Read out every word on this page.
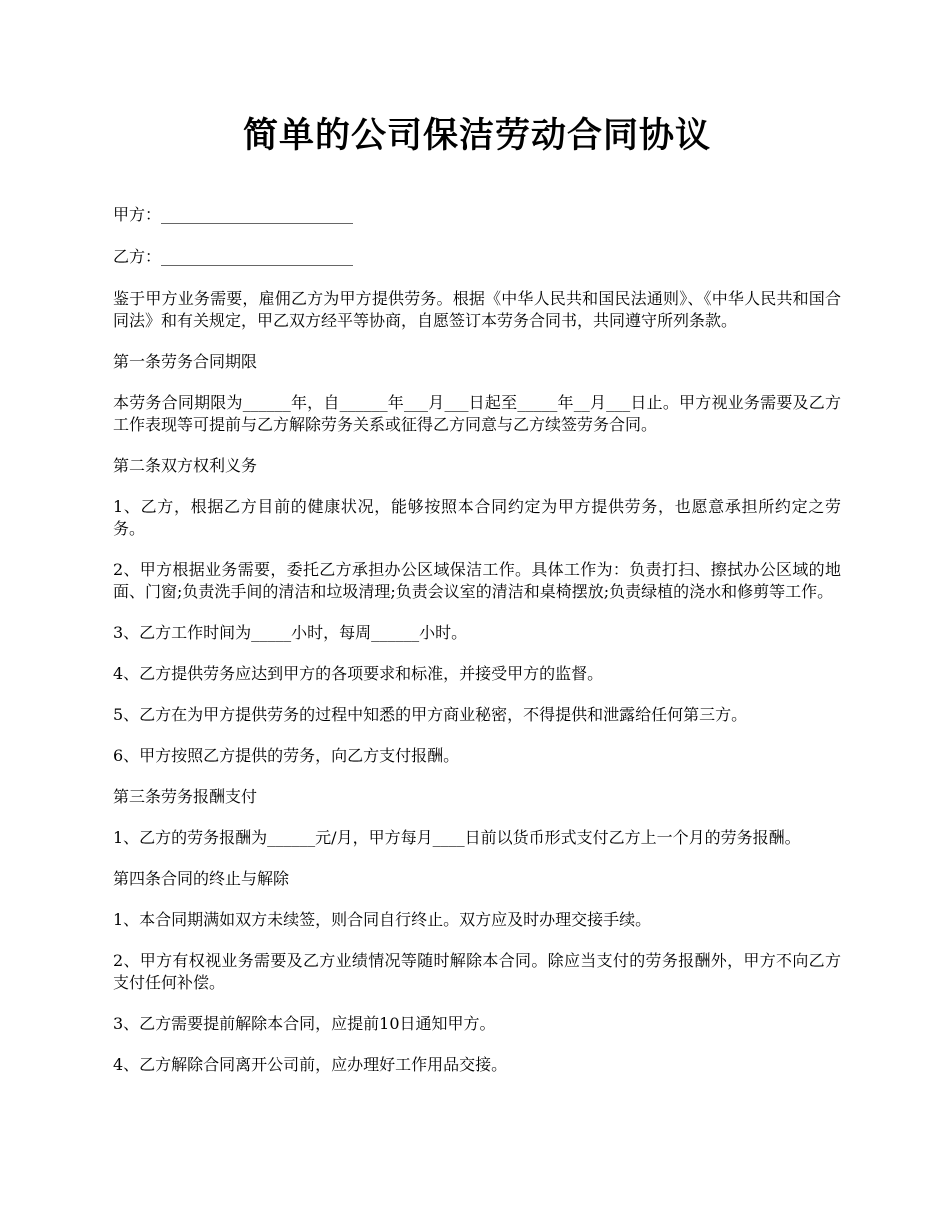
简单的公司保洁劳动合同协议

甲方：________________________

乙方：________________________

鉴于甲方业务需要，雇佣乙方为甲方提供劳务。根据《中华人民共和国民法通则》、《中华人民共和国合同法》和有关规定，甲乙双方经平等协商，自愿签订本劳务合同书，共同遵守所列条款。

第一条劳务合同期限

本劳务合同期限为______年，自______年___月___日起至_____年__月___日止。甲方视业务需要及乙方工作表现等可提前与乙方解除劳务关系或征得乙方同意与乙方续签劳务合同。

第二条双方权利义务

1、乙方，根据乙方目前的健康状况，能够按照本合同约定为甲方提供劳务，也愿意承担所约定之劳务。

2、甲方根据业务需要，委托乙方承担办公区域保洁工作。具体工作为：负责打扫、擦拭办公区域的地面、门窗;负责洗手间的清洁和垃圾清理;负责会议室的清洁和桌椅摆放;负责绿植的浇水和修剪等工作。

3、乙方工作时间为_____小时，每周______小时。

4、乙方提供劳务应达到甲方的各项要求和标准，并接受甲方的监督。

5、乙方在为甲方提供劳务的过程中知悉的甲方商业秘密，不得提供和泄露给任何第三方。

6、甲方按照乙方提供的劳务，向乙方支付报酬。

第三条劳务报酬支付

1、乙方的劳务报酬为______元/月，甲方每月____日前以货币形式支付乙方上一个月的劳务报酬。

第四条合同的终止与解除

1、本合同期满如双方未续签，则合同自行终止。双方应及时办理交接手续。

2、甲方有权视业务需要及乙方业绩情况等随时解除本合同。除应当支付的劳务报酬外，甲方不向乙方支付任何补偿。

3、乙方需要提前解除本合同，应提前10日通知甲方。

4、乙方解除合同离开公司前，应办理好工作用品交接。
